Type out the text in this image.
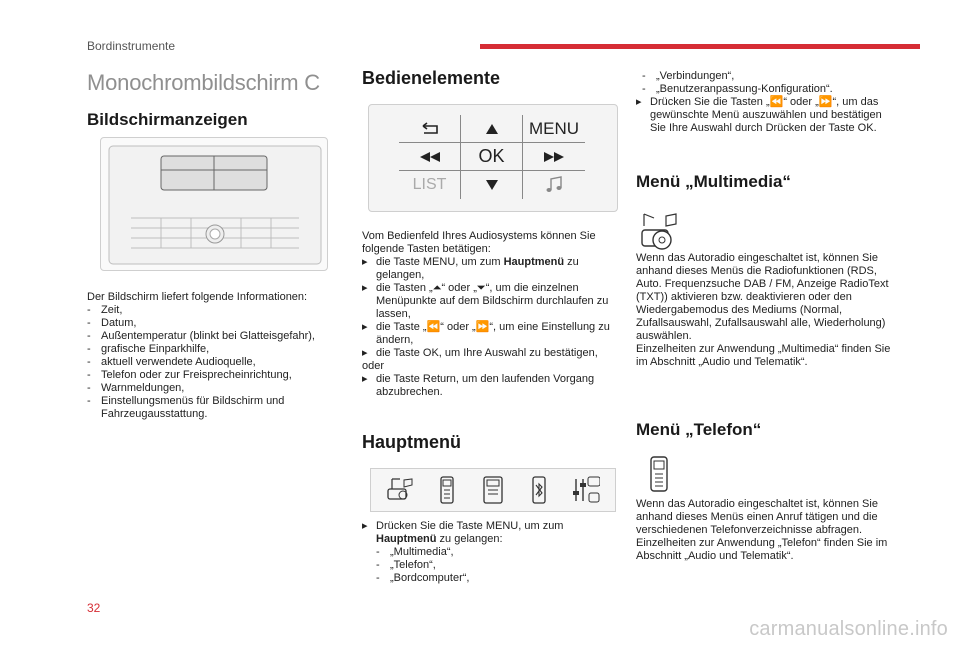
Bordinstrumente
Monochrombildschirm C
Bildschirmanzeigen
Der Bildschirm liefert folgende Informationen:
- Zeit,
- Datum,
- Außentemperatur (blinkt bei Glatteisgefahr),
- grafische Einparkhilfe,
- aktuell verwendete Audioquelle,
- Telefon oder zur Freisprecheinrichtung,
- Warnmeldungen,
- Einstellungsmenüs für Bildschirm und Fahrzeugausstattung.
Bedienelemente
MENU
OK
LIST
Vom Bedienfeld Ihres Audiosystems können Sie folgende Tasten betätigen:
▸ die Taste MENU, um zum Hauptmenü zu gelangen,
▸ die Tasten „⏶“ oder „⏷“, um die einzelnen Menüpunkte auf dem Bildschirm durchlaufen zu lassen,
▸ die Taste „⏪“ oder „⏩“, um eine Einstellung zu ändern,
▸ die Taste OK, um Ihre Auswahl zu bestätigen,
oder
▸ die Taste Return, um den laufenden Vorgang abzubrechen.
Hauptmenü
▸ Drücken Sie die Taste MENU, um zum Hauptmenü zu gelangen:
- „Multimedia“,
- „Telefon“,
- „Bordcomputer“,
- „Verbindungen“,
- „Benutzeranpassung-Konfiguration“.
▸ Drücken Sie die Tasten „⏪“ oder „⏩“, um das gewünschte Menü auszuwählen und bestätigen Sie Ihre Auswahl durch Drücken der Taste OK.
Menü „Multimedia“
Wenn das Autoradio eingeschaltet ist, können Sie anhand dieses Menüs die Radiofunktionen (RDS, Auto. Frequenzsuche DAB / FM, Anzeige RadioText (TXT)) aktivieren bzw. deaktivieren oder den Wiedergabemodus des Mediums (Normal, Zufallsauswahl, Zufallsauswahl alle, Wiederholung) auswählen.
Einzelheiten zur Anwendung „Multimedia“ finden Sie im Abschnitt „Audio und Telematik“.
Menü „Telefon“
Wenn das Autoradio eingeschaltet ist, können Sie anhand dieses Menüs einen Anruf tätigen und die verschiedenen Telefonverzeichnisse abfragen.
Einzelheiten zur Anwendung „Telefon“ finden Sie im Abschnitt „Audio und Telematik“.
32
carmanualsonline.info
